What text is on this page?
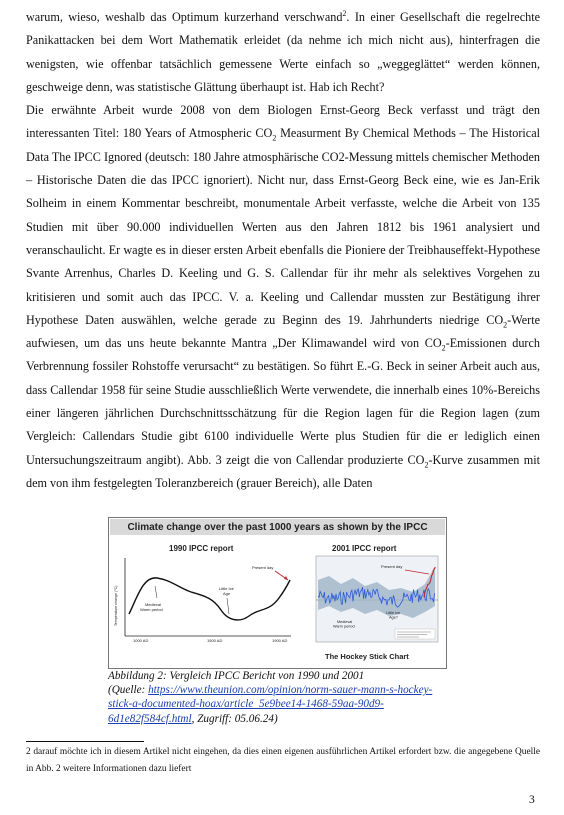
warum, wieso, weshalb das Optimum kurzerhand verschwand$^2$. In einer Gesellschaft die regelrechte Panikattacken bei dem Wort Mathematik erleidet (da nehme ich mich nicht aus), hinterfragen die wenigsten, wie offenbar tatsächlich gemessene Werte einfach so „weggeglättet“ werden können, geschweige denn, was statistische Glättung überhaupt ist. Hab ich Recht?

Die erwähnte Arbeit wurde 2008 von dem Biologen Ernst-Georg Beck verfasst und trägt den interessanten Titel: 180 Years of Atmospheric $CO_2$ Measurment By Chemical Methods – The Historical Data The IPCC Ignored (deutsch: 180 Jahre atmosphärische CO2-Messung mittels chemischer Methoden – Historische Daten die das IPCC ignoriert). Nicht nur, dass Ernst-Georg Beck eine, wie es Jan-Erik Solheim in einem Kommentar beschreibt, monumentale Arbeit verfasste, welche die Arbeit von 135 Studien mit über 90.000 individuellen Werten aus den Jahren 1812 bis 1961 analysiert und veranschaulicht. Er wagte es in dieser ersten Arbeit ebenfalls die Pioniere der Treibhauseffekt-Hypothese Svante Arrenhus, Charles D. Keeling und G. S. Callendar für ihr mehr als selektives Vorgehen zu kritisieren und somit auch das IPCC. V. a. Keeling und Callendar mussten zur Bestätigung ihrer Hypothese Daten auswählen, welche gerade zu Beginn des 19. Jahrhunderts niedrige $CO_2$-Werte aufwiesen, um das uns heute bekannte Mantra „Der Klimawandel wird von $CO_2$-Emissionen durch Verbrennung fossiler Rohstoffe verursacht“ zu bestätigen. So führt E.-G. Beck in seiner Arbeit auch aus, dass Callendar 1958 für seine Studie ausschließlich Werte verwendete, die innerhalb eines 10%-Bereichs einer längeren jährlichen Durchschnittsschätzung für die Region lagen für die Region lagen (zum Vergleich: Callendars Studie gibt 6100 individuelle Werte plus Studien für die er lediglich einen Untersuchungszeitraum angibt). Abb. 3 zeigt die von Callendar produzierte $CO_2$-Kurve zusammen mit dem von ihm festgelegten Toleranzbereich (grauer Bereich), alle Daten

Climate change over the past 1000 years as shown by the IPCC
1990 IPCC report	2001 IPCC report
The Hockey Stick Chart
Temperature change (°C)
1000 AD	1500 AD	1900 AD
Medieval Warm period
Little Ice Age
Present day	Present day
Medieval Warm period
Little Ice Age?
Abbildung 2: Vergleich IPCC Bericht von 1990 und 2001
(Quelle: https://www.theunion.com/opinion/norm-sauer-mann-s-hockey-stick-a-documented-hoax/article_5e9bee14-1468-59aa-90d9-6d1e82f584cf.html, Zugriff: 05.06.24)
2 darauf möchte ich in diesem Artikel nicht eingehen, da dies einen eigenen ausführlichen Artikel erfordert bzw. die angegebene Quelle in Abb. 2 weitere Informationen dazu liefert
3
